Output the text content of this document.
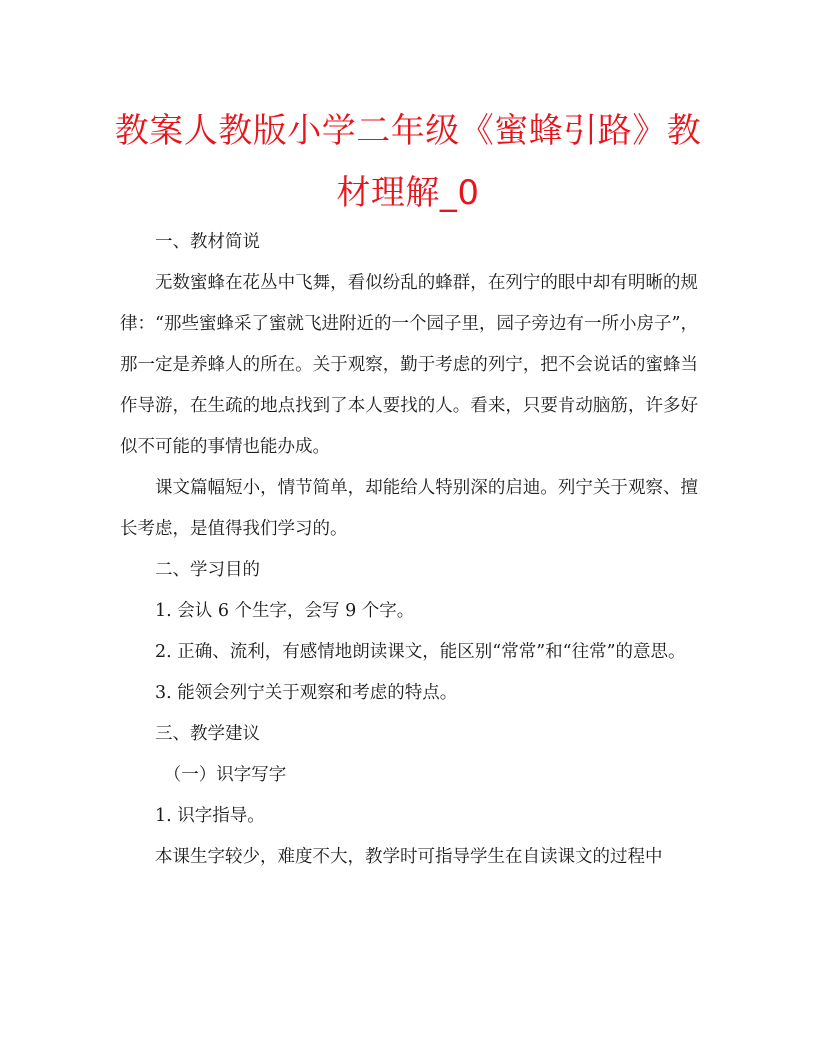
教案人教版小学二年级《蜜蜂引路》教材理解_0

一、教材简说

无数蜜蜂在花丛中飞舞，看似纷乱的蜂群，在列宁的眼中却有明晰的规律：“那些蜜蜂采了蜜就飞进附近的一个园子里，园子旁边有一所小房子”，那一定是养蜂人的所在。关于观察，勤于考虑的列宁，把不会说话的蜜蜂当作导游，在生疏的地点找到了本人要找的人。看来，只要肯动脑筋，许多好似不可能的事情也能办成。

课文篇幅短小，情节简单，却能给人特别深的启迪。列宁关于观察、擅长考虑，是值得我们学习的。

二、学习目的

1. 会认 6 个生字，会写 9 个字。

2. 正确、流利，有感情地朗读课文，能区别“常常”和“往常”的意思。

3. 能领会列宁关于观察和考虑的特点。

三、教学建议

（一）识字写字

1. 识字指导。

本课生字较少，难度不大，教学时可指导学生在自读课文的过程中
